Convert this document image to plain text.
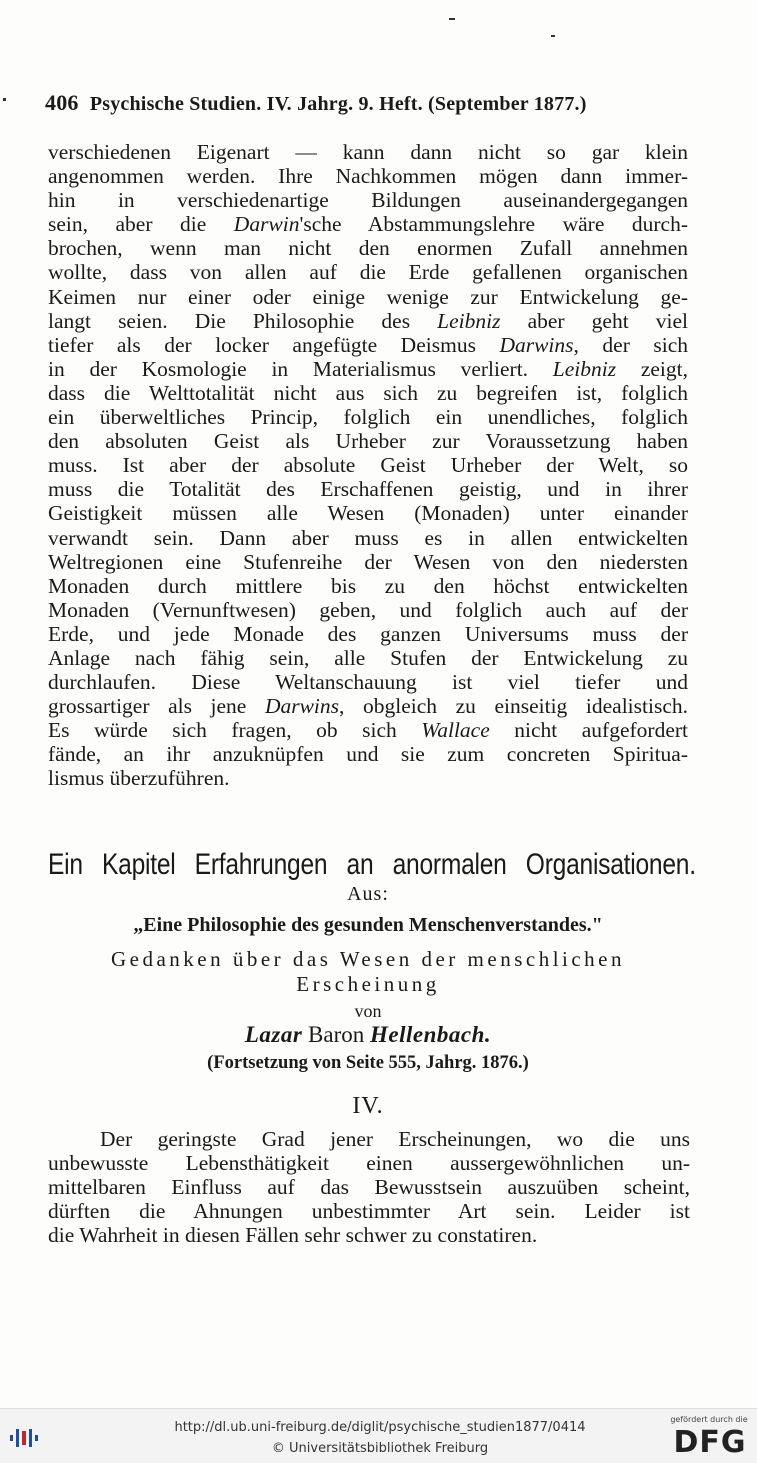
406 Psychische Studien. IV. Jahrg. 9. Heft. (September 1877.)
verschiedenen Eigenart — kann dann nicht so gar klein
angenommen werden. Ihre Nachkommen mögen dann immer-
hin in verschiedenartige Bildungen auseinandergegangen
sein, aber die Darwin'sche Abstammungslehre wäre durch-
brochen, wenn man nicht den enormen Zufall annehmen
wollte, dass von allen auf die Erde gefallenen organischen
Keimen nur einer oder einige wenige zur Entwickelung ge-
langt seien. Die Philosophie des Leibniz aber geht viel
tiefer als der locker angefügte Deismus Darwins, der sich
in der Kosmologie in Materialismus verliert. Leibniz zeigt,
dass die Welttotalität nicht aus sich zu begreifen ist, folglich
ein überweltliches Princip, folglich ein unendliches, folglich
den absoluten Geist als Urheber zur Voraussetzung haben
muss. Ist aber der absolute Geist Urheber der Welt, so
muss die Totalität des Erschaffenen geistig, und in ihrer
Geistigkeit müssen alle Wesen (Monaden) unter einander
verwandt sein. Dann aber muss es in allen entwickelten
Weltregionen eine Stufenreihe der Wesen von den niedersten
Monaden durch mittlere bis zu den höchst entwickelten
Monaden (Vernunftwesen) geben, und folglich auch auf der
Erde, und jede Monade des ganzen Universums muss der
Anlage nach fähig sein, alle Stufen der Entwickelung zu
durchlaufen. Diese Weltanschauung ist viel tiefer und
grossartiger als jene Darwins, obgleich zu einseitig idealistisch.
Es würde sich fragen, ob sich Wallace nicht aufgefordert
fände, an ihr anzuknüpfen und sie zum concreten Spiritua-
lismus überzuführen.
Ein Kapitel Erfahrungen an anormalen Organisationen.
Aus:
„Eine Philosophie des gesunden Menschenverstandes."
Gedanken über das Wesen der menschlichen
Erscheinung
von
Lazar Baron Hellenbach.
(Fortsetzung von Seite 555, Jahrg. 1876.)
IV.
Der geringste Grad jener Erscheinungen, wo die uns
unbewusste Lebensthätigkeit einen aussergewöhnlichen un-
mittelbaren Einfluss auf das Bewusstsein auszuüben scheint,
dürften die Ahnungen unbestimmter Art sein. Leider ist
die Wahrheit in diesen Fällen sehr schwer zu constatiren.
http://dl.ub.uni-freiburg.de/diglit/psychische_studien1877/0414
© Universitätsbibliothek Freiburg
gefördert durch die
DFG
